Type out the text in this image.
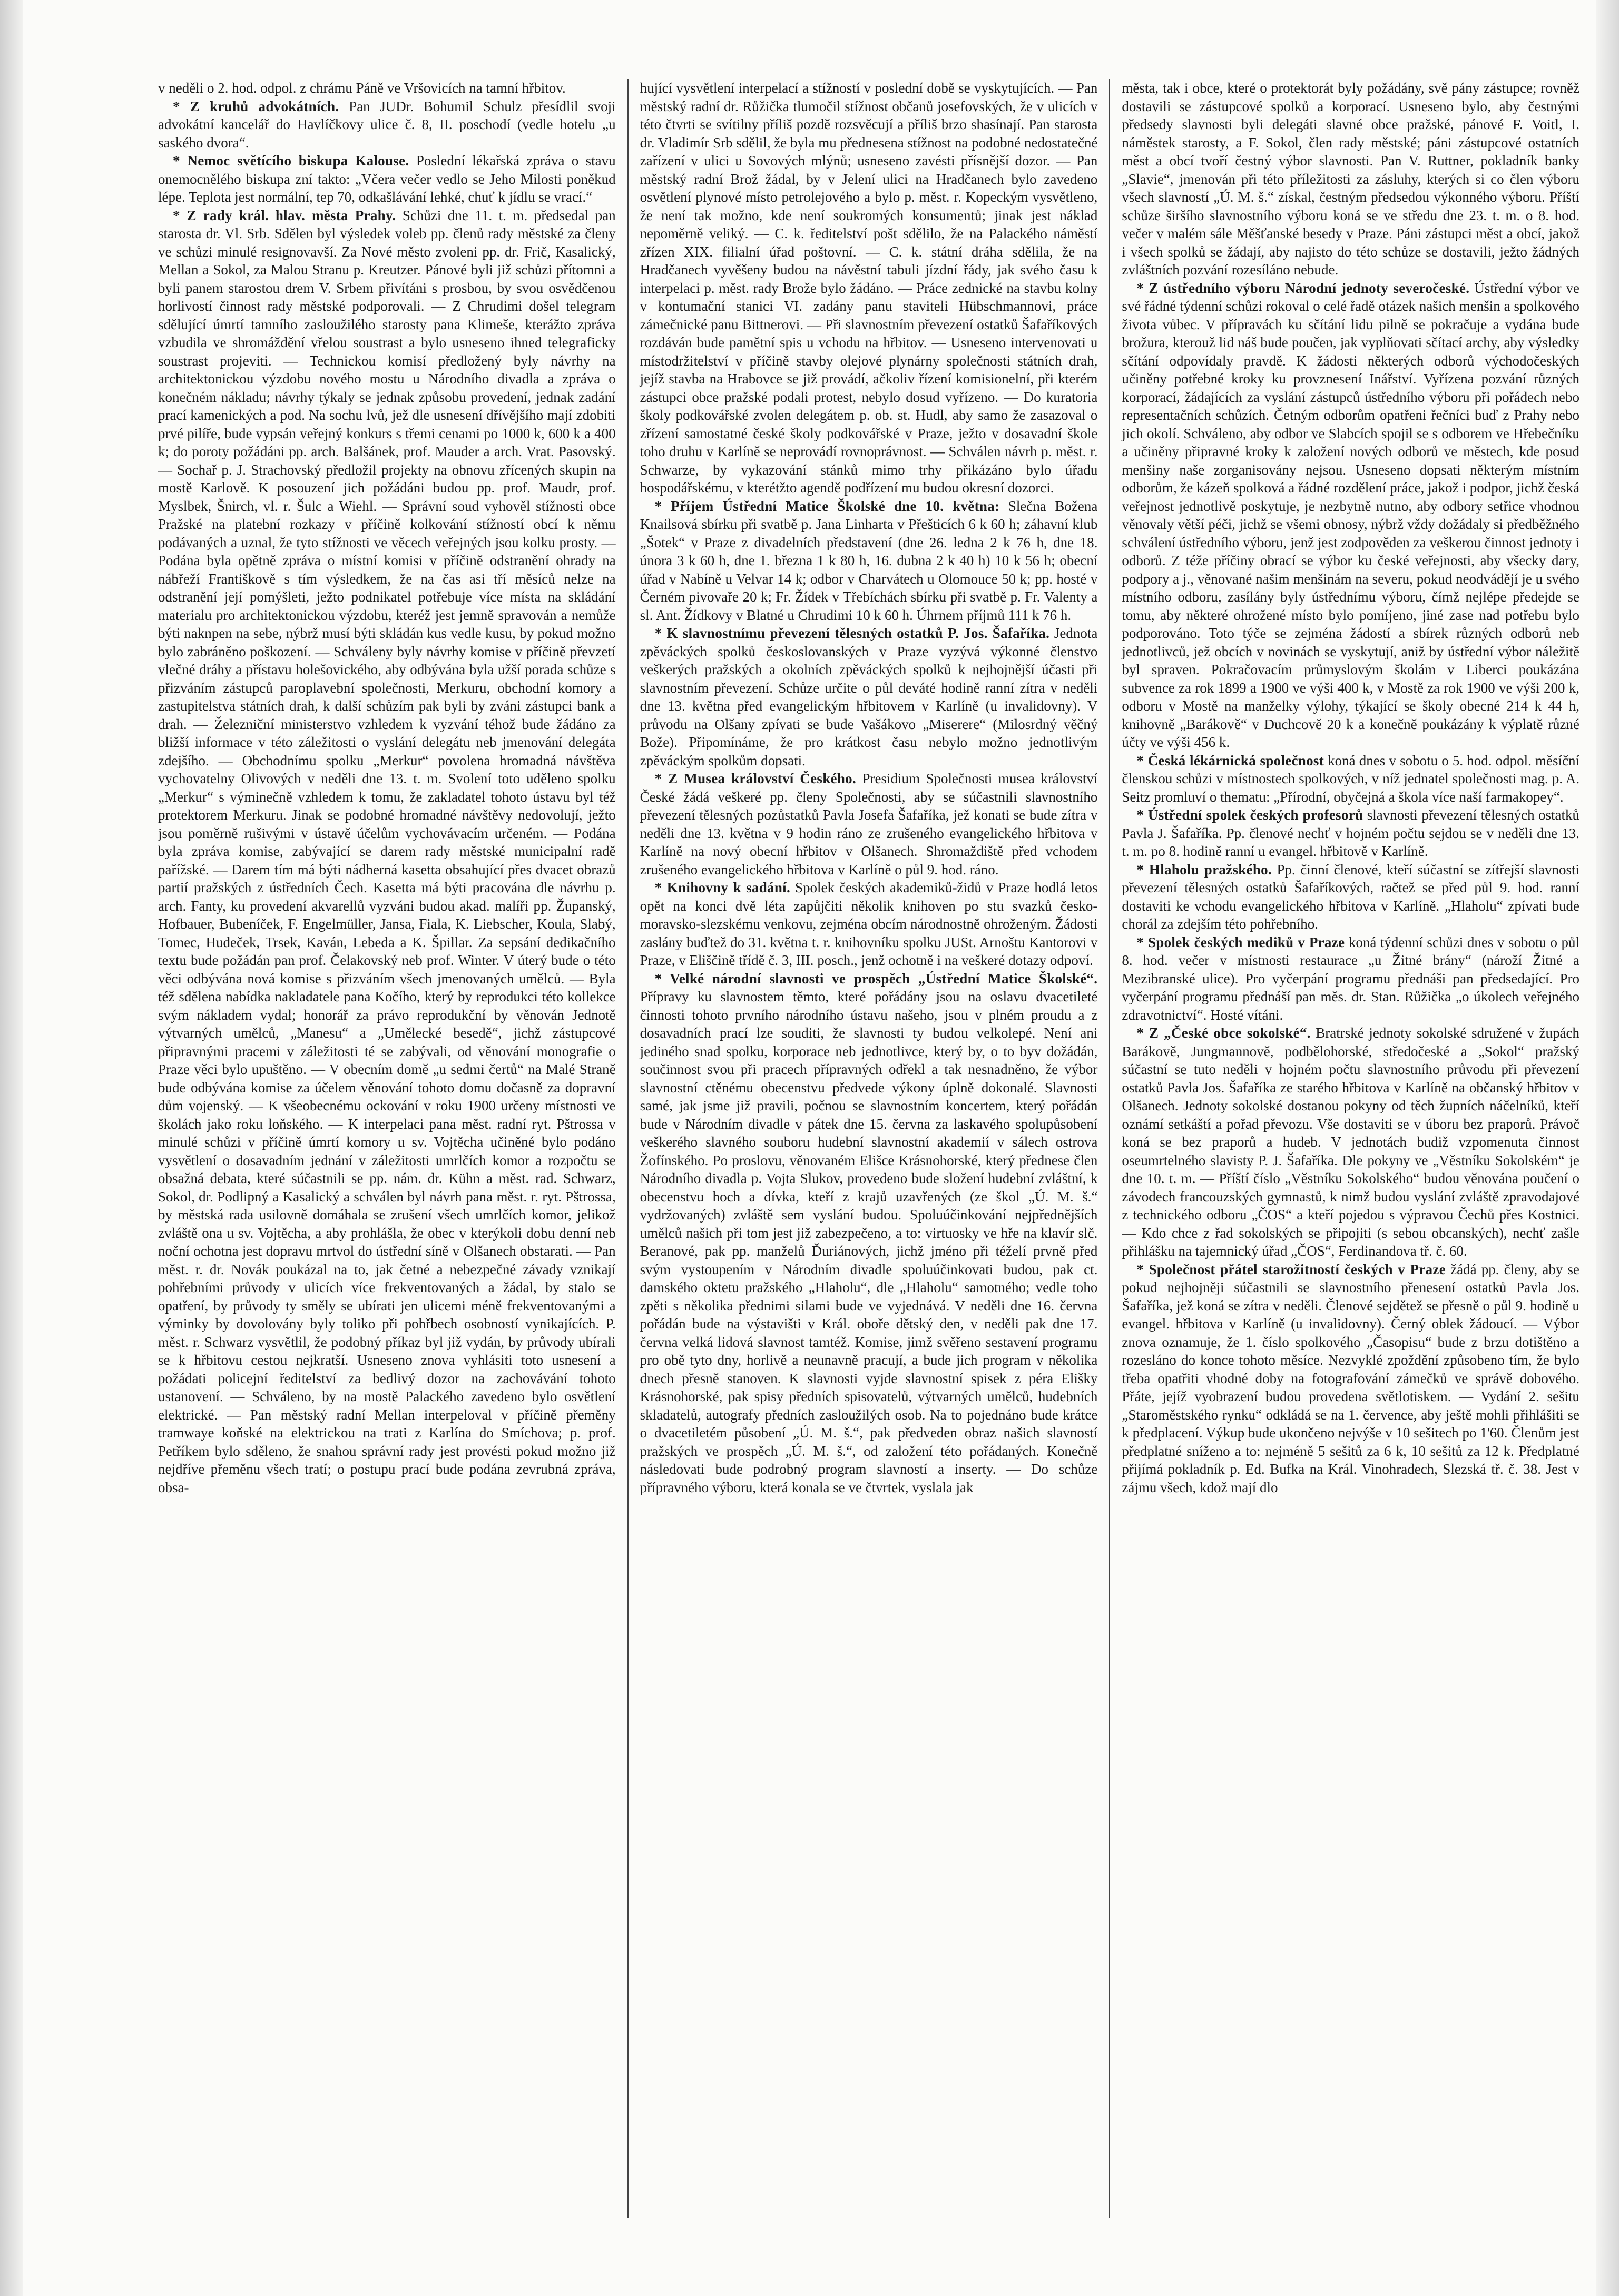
v neděli o 2. hod. odpol. z chrámu Páně ve Vršovicích na tamní hřbitov.

* Z kruhů advokátních. Pan JUDr. Bohumil Schulz přesídlil svoji advokátní kancelář do Havlíčkovy ulice č. 8, II. poschodí (vedle hotelu „u saského dvora“.

* Nemoc světícího biskupa Kalouse. Poslední lékařská zpráva o stavu onemocnělého biskupa zní takto: „Včera večer vedlo se Jeho Milosti poněkud lépe. Teplota jest normální, tep 70, odkašlávání lehké, chuť k jídlu se vrací.“

* Z rady král. hlav. města Prahy. Schůzi dne 11. t. m. předsedal pan starosta dr. Vl. Srb. Sdělen byl výsledek voleb pp. členů rady městské za členy ve schůzi minulé resignovavší. Za Nové město zvoleni pp. dr. Frič, Kasalický, Mellan a Sokol, za Malou Stranu p. Kreutzer. Pánové byli již schůzi přítomni a byli panem starostou drem V. Srbem přivítáni s prosbou, by svou osvědčenou horlivostí činnost rady městské podporovali. — Z Chrudimi došel telegram sdělující úmrtí tamního zasloužilého starosty pana Klimeše, kterážto zpráva vzbudila ve shromáždění vřelou soustrast a bylo usneseno ihned telegraficky soustrast projeviti. — Technickou komisí předložený byly návrhy na architektonickou výzdobu nového mostu u Národního divadla a zpráva o konečném nákladu; návrhy týkaly se jednak způsobu provedení, jednak zadání prací kamenických a pod. Na sochu lvů, jež dle usnesení dřívějšího mají zdobiti prvé pilíře, bude vypsán veřejný konkurs s třemi cenami po 1000 k, 600 k a 400 k; do poroty požádáni pp. arch. Balšánek, prof. Mauder a arch. Vrat. Pasovský. — Sochař p. J. Strachovský předložil projekty na obnovu zřícených skupin na mostě Karlově. K posouzení jich požádáni budou pp. prof. Maudr, prof. Myslbek, Šnirch, vl. r. Šulc a Wiehl. — Správní soud vyhověl stížnosti obce Pražské na platební rozkazy v příčině kolkování stížností obcí k němu podávaných a uznal, že tyto stížnosti ve věcech veřejných jsou kolku prosty. — Podána byla opětně zpráva o místní komisi v příčině odstranění ohrady na nábřeží Františkově s tím výsledkem, že na čas asi tří měsíců nelze na odstranění její pomýšleti, ježto podnikatel potřebuje více místa na skládání materialu pro architektonickou výzdobu, kteréž jest jemně spravován a nemůže býti naknpen na sebe, nýbrž musí býti skládán kus vedle kusu, by pokud možno bylo zabráněno poškození. — Schváleny byly návrhy komise v příčině převzetí vlečné dráhy a přístavu holešovického, aby odbývána byla užší porada schůze s přizváním zástupců paroplavební společnosti, Merkuru, obchodní komory a zastupitelstva státních drah, k další schůzím pak byli by zváni zástupci bank a drah. — Železniční ministerstvo vzhledem k vyzvání téhož bude žádáno za bližší informace v této záležitosti o vyslání delegátu neb jmenování delegáta zdejšího. — Obchodnímu spolku „Merkur“ povolena hromadná návštěva vychovatelny Olivových v neděli dne 13. t. m. Svolení toto uděleno spolku „Merkur“ s výminečně vzhledem k tomu, že zakladatel tohoto ústavu byl též protektorem Merkuru. Jinak se podobné hromadné návštěvy nedovolují, ježto jsou poměrně rušivými v ústavě účelům vychovávacím určeném. — Podána byla zpráva komise, zabývající se darem rady městské municipalní radě pařížské. — Darem tím má býti nádherná kasetta obsahující přes dvacet obrazů partií pražských z ústředních Čech. Kasetta má býti pracována dle návrhu p. arch. Fanty, ku provedení akvarellů vyzváni budou akad. malíři pp. Županský, Hofbauer, Bubeníček, F. Engelmüller, Jansa, Fiala, K. Liebscher, Koula, Slabý, Tomec, Hudeček, Trsek, Kaván, Lebeda a K. Špillar. Za sepsání dedikačního textu bude požádán pan prof. Čelakovský neb prof. Winter. V úterý bude o této věci odbývána nová komise s přizváním všech jmenovaných umělců. — Byla též sdělena nabídka nakladatele pana Kočího, který by reprodukci této kollekce svým nákladem vydal; honorář za právo reprodukční by věnován Jednotě výtvarných umělců, „Manesu“ a „Umělecké besedě“, jichž zástupcové připravnými pracemi v záležitosti té se zabývali, od věnování monografie o Praze věci bylo upuštěno. — V obecním domě „u sedmi čertů“ na Malé Straně bude odbývána komise za účelem věnování tohoto domu dočasně za dopravní dům vojenský. — K všeobecnému ockování v roku 1900 určeny místnosti ve školách jako roku loňského. — K interpelaci pana měst. radní ryt. Pštrossa v minulé schůzi v příčině úmrtí komory u sv. Vojtěcha učiněné bylo podáno vysvětlení o dosavadním jednání v záležitosti umrlčích komor a rozpočtu se obsažná debata, které súčastnili se pp. nám. dr. Kühn a měst. rad. Schwarz, Sokol, dr. Podlipný a Kasalický a schválen byl návrh pana měst. r. ryt. Pštrossa, by městská rada usilovně domáhala se zrušení všech umrlčích komor, jelikož zvláště ona u sv. Vojtěcha, a aby prohlášla, že obec v kterýkoli dobu denní neb noční ochotna jest dopravu mrtvol do ústřední síně v Olšanech obstarati. — Pan měst. r. dr. Novák poukázal na to, jak četné a nebezpečné závady vznikají pohřebními průvody v ulicích více frekventovaných a žádal, by stalo se opatření, by průvody ty směly se ubírati jen ulicemi méně frekventovanými a výminky by dovolovány byly toliko při pohřbech osobností vynikajících. P. měst. r. Schwarz vysvětlil, že podobný příkaz byl již vydán, by průvody ubírali se k hřbitovu cestou nejkratší. Usneseno znova vyhlásiti toto usnesení a požádati policejní ředitelství za bedlivý dozor na zachovávání tohoto ustanovení. — Schváleno, by na mostě Palackého zavedeno bylo osvětlení elektrické. — Pan městský radní Mellan interpeloval v příčině přeměny tramwaye koňské na elektrickou na trati z Karlína do Smíchova; p. prof. Petříkem bylo sděleno, že snahou správní rady jest provésti pokud možno již nejdříve přeměnu všech tratí; o postupu prací bude podána zevrubná zpráva, obsa-

hující vysvětlení interpelací a stížností v poslední době se vyskytujících. — Pan městský radní dr. Růžička tlumočil stížnost občanů josefovských, že v ulicích v této čtvrti se svítilny příliš pozdě rozsvěcují a příliš brzo shasínají. Pan starosta dr. Vladimír Srb sdělil, že byla mu přednesena stížnost na podobné nedostatečné zařízení v ulici u Sovových mlýnů; usneseno zavésti přísnější dozor. — Pan městský radní Brož žádal, by v Jelení ulici na Hradčanech bylo zavedeno osvětlení plynové místo petrolejového a bylo p. měst. r. Kopeckým vysvětleno, že není tak možno, kde není soukromých konsumentů; jinak jest náklad nepoměrně veliký. — C. k. ředitelství pošt sdělilo, že na Palackého náměstí zřízen XIX. filialní úřad poštovní. — C. k. státní dráha sdělila, že na Hradčanech vyvěšeny budou na návěstní tabuli jízdní řády, jak svého času k interpelaci p. měst. rady Brože bylo žádáno. — Práce zednické na stavbu kolny v kontumační stanici VI. zadány panu staviteli Hübschmannovi, práce zámečnické panu Bittnerovi. — Při slavnostním převezení ostatků Šafaříkových rozdáván bude pamětní spis u vchodu na hřbitov. — Usneseno intervenovati u místodržitelství v příčině stavby olejové plynárny společnosti státních drah, jejíž stavba na Hrabovce se již provádí, ačkoliv řízení komisionelní, při kterém zástupci obce pražské podali protest, nebylo dosud vyřízeno. — Do kuratoria školy podkovářské zvolen delegátem p. ob. st. Hudl, aby samo že zasazoval o zřízení samostatné české školy podkovářské v Praze, ježto v dosavadní škole toho druhu v Karlíně se neprovádí rovnoprávnost. — Schválen návrh p. měst. r. Schwarze, by vykazování stánků mimo trhy přikázáno bylo úřadu hospodářskému, v kterétžto agendě podřízení mu budou okresní dozorci.

* Příjem Ústřední Matice Školské dne 10. května: Slečna Božena Knailsová sbírku při svatbě p. Jana Linharta v Přešticích 6 k 60 h; záhavní klub „Šotek“ v Praze z divadelních představení (dne 26. ledna 2 k 76 h, dne 18. února 3 k 60 h, dne 1. března 1 k 80 h, 16. dubna 2 k 40 h) 10 k 56 h; obecní úřad v Nabíně u Velvar 14 k; odbor v Charvátech u Olomouce 50 k; pp. hosté v Černém pivovaře 20 k; Fr. Žídek v Třebíchách sbírku při svatbě p. Fr. Valenty a sl. Ant. Žídkovy v Blatné u Chrudimi 10 k 60 h. Úhrnem příjmů 111 k 76 h.

* K slavnostnímu převezení tělesných ostatků P. Jos. Šafaříka. Jednota zpěváckých spolků českoslovanských v Praze vyzývá výkonné členstvo veškerých pražských a okolních zpěváckých spolků k nejhojnější účasti při slavnostním převezení. Schůze určite o půl deváté hodině ranní zítra v neděli dne 13. května před evangelickým hřbitovem v Karlíně (u invalidovny). V průvodu na Olšany zpívati se bude Vašákovo „Miserere“ (Milosrdný věčný Bože). Připomínáme, že pro krátkost času nebylo možno jednotlivým zpěváckým spolkům dopsati.

* Z Musea království Českého. Presidium Společnosti musea království České žádá veškeré pp. členy Společnosti, aby se súčastnili slavnostního převezení tělesných pozůstatků Pavla Josefa Šafaříka, jež konati se bude zítra v neděli dne 13. května v 9 hodin ráno ze zrušeného evangelického hřbitova v Karlíně na nový obecní hřbitov v Olšanech. Shromaždiště před vchodem zrušeného evangelického hřbitova v Karlíně o půl 9. hod. ráno.

* Knihovny k sadání. Spolek českých akademiků-židů v Praze hodlá letos opět na konci dvě léta zapůjčiti několik knihoven po stu svazků česko-moravsko-slezskému venkovu, zejména obcím národnostně ohroženým. Žádosti zaslány buďtež do 31. května t. r. knihovníku spolku JUSt. Arnoštu Kantorovi v Praze, v Eliščině třídě č. 3, III. posch., jenž ochotně i na veškeré dotazy odpoví.

* Velké národní slavnosti ve prospěch „Ústřední Matice Školské“. Přípravy ku slavnostem těmto, které pořádány jsou na oslavu dvacetileté činnosti tohoto prvního národního ústavu našeho, jsou v plném proudu a z dosavadních prací lze souditi, že slavnosti ty budou velkolepé. Není ani jediného snad spolku, korporace neb jednotlivce, který by, o to byv dožádán, součinnost svou při pracech přípravných odřekl a tak nesnadněno, že výbor slavnostní ctěnému obecenstvu předvede výkony úplně dokonalé. Slavnosti samé, jak jsme již pravili, počnou se slavnostním koncertem, který pořádán bude v Národním divadle v pátek dne 15. června za laskavého spolupůsobení veškerého slavného souboru hudební slavnostní akademií v sálech ostrova Žofínského. Po proslovu, věnovaném Elišce Krásnohorské, který přednese člen Národního divadla p. Vojta Slukov, provedeno bude složení hudební zvláštní, k obecenstvu hoch a dívka, kteří z krajů uzavřených (ze škol „Ú. M. š.“ vydržovaných) zvláště sem vyslání budou. Spoluúčinkování nejpřednějších umělců našich při tom jest již zabezpečeno, a to: virtuosky ve hře na klavír slč. Beranové, pak pp. manželů Ďuriánových, jichž jméno při téželí prvně před svým vystoupením v Národním divadle spoluúčinkovati budou, pak ct. damského oktetu pražského „Hlaholu“, dle „Hlaholu“ samotného; vedle toho zpěti s několika přednimi silami bude ve vyjednává. V neděli dne 16. června pořádán bude na výstavišti v Král. oboře dětský den, v neděli pak dne 17. června velká lidová slavnost tamtéž. Komise, jimž svěřeno sestavení programu pro obě tyto dny, horlivě a neunavně pracují, a bude jich program v několika dnech přesně stanoven. K slavnosti vyjde slavnostní spisek z péra Elišky Krásnohorské, pak spisy předních spisovatelů, výtvarných umělců, hudebních skladatelů, autografy předních zasloužilých osob. Na to pojednáno bude krátce o dvacetiletém působení „Ú. M. š.“, pak předveden obraz našich slavností pražských ve prospěch „Ú. M. š.“, od založení této pořádaných. Konečně následovati bude podrobný program slavností a inserty. — Do schůze přípravného výboru, která konala se ve čtvrtek, vyslala jak

města, tak i obce, které o protektorát byly požádány, svě pány zástupce; rovněž dostavili se zástupcové spolků a korporací. Usneseno bylo, aby čestnými předsedy slavnosti byli delegáti slavné obce pražské, pánové F. Voitl, I. náměstek starosty, a F. Sokol, člen rady městské; páni zástupcové ostatních měst a obcí tvoří čestný výbor slavnosti. Pan V. Ruttner, pokladník banky „Slavie“, jmenován při této příležitosti za zásluhy, kterých si co člen výboru všech slavností „Ú. M. š.“ získal, čestným předsedou výkonného výboru. Příští schůze širšího slavnostního výboru koná se ve středu dne 23. t. m. o 8. hod. večer v malém sále Měšťanské besedy v Praze. Páni zástupci měst a obcí, jakož i všech spolků se žádají, aby najisto do této schůze se dostavili, ježto žádných zvláštních pozvání rozesíláno nebude.

* Z ústředního výboru Národní jednoty severočeské. Ústřední výbor ve své řádné týdenní schůzi rokoval o celé řadě otázek našich menšin a spolkového života vůbec. V přípravách ku sčítání lidu pilně se pokračuje a vydána bude brožura, kterouž lid náš bude poučen, jak vyplňovati sčítací archy, aby výsledky sčítání odpovídaly pravdě. K žádosti některých odborů východočeských učiněny potřebné kroky ku provznesení Inářství. Vyřízena pozvání různých korporací, žádajících za vyslání zástupců ústředního výboru při pořádech nebo representačních schůzích. Četným odborům opatřeni řečníci buď z Prahy nebo jich okolí. Schváleno, aby odbor ve Slabcích spojil se s odborem ve Hřebečníku a učiněny připravné kroky k založení nových odborů ve městech, kde posud menšiny naše zorganisovány nejsou. Usneseno dopsati některým místním odborům, že kázeň spolková a řádné rozdělení práce, jakož i podpor, jichž česká veřejnost jednotlivě poskytuje, je nezbytně nutno, aby odbory setřice vhodnou věnovaly větší péči, jichž se všemi obnosy, nýbrž vždy dožádaly si předběžného schválení ústředního výboru, jenž jest zodpověden za veškerou činnost jednoty i odborů. Z téže příčiny obrací se výbor ku české veřejnosti, aby všecky dary, podpory a j., věnované našim menšinám na severu, pokud neodvádějí je u svého místního odboru, zasílány byly ústřednímu výboru, čímž nejlépe předejde se tomu, aby některé ohrožené místo bylo pomíjeno, jiné zase nad potřebu bylo podporováno. Toto týče se zejména žádostí a sbírek různých odborů neb jednotlivců, jež obcích v novinách se vyskytují, aniž by ústřední výbor náležitě byl spraven. Pokračovacím průmyslovým školám v Liberci poukázána subvence za rok 1899 a 1900 ve výši 400 k, v Mostě za rok 1900 ve výši 200 k, odboru v Mostě na manželky výlohy, týkající se školy obecné 214 k 44 h, knihovně „Barákově“ v Duchcově 20 k a konečně poukázány k výplatě různé účty ve výši 456 k.

* Česká lékárnická společnost koná dnes v sobotu o 5. hod. odpol. měsíční členskou schůzi v místnostech spolkových, v níž jednatel společnosti mag. p. A. Seitz promluví o thematu: „Přírodní, obyčejná a škola více naší farmakopey“.

* Ústřední spolek českých profesorů slavnosti převezení tělesných ostatků Pavla J. Šafaříka. Pp. členové nechť v hojném počtu sejdou se v neděli dne 13. t. m. po 8. hodině ranní u evangel. hřbitově v Karlíně.

* Hlaholu pražského. Pp. činní členové, kteří súčastní se zítřejší slavnosti převezení tělesných ostatků Šafaříkových, račtež se před půl 9. hod. ranní dostaviti ke vchodu evangelického hřbitova v Karlíně. „Hlaholu“ zpívati bude chorál za zdejším této pohřebního.

* Spolek českých mediků v Praze koná týdenní schůzi dnes v sobotu o půl 8. hod. večer v místnosti restaurace „u Žitné brány“ (nároží Žitné a Mezibranské ulice). Pro vyčerpání programu přednáši pan předsedající. Pro vyčerpání programu přednáší pan měs. dr. Stan. Růžička „o úkolech veřejného zdravotnictví“. Hosté vítáni.

* Z „České obce sokolské“. Bratrské jednoty sokolské sdružené v župách Barákově, Jungmannově, podbělohorské, středočeské a „Sokol“ pražský súčastní se tuto neděli v hojném počtu slavnostního průvodu při převezení ostatků Pavla Jos. Šafaříka ze starého hřbitova v Karlíně na občanský hřbitov v Olšanech. Jednoty sokolské dostanou pokyny od těch župních náčelníků, kteří oznámí setkáští a pořad převozu. Vše dostaviti se v úboru bez praporů. Právoč koná se bez praporů a hudeb. V jednotách budiž vzpomenuta činnost oseumrtelného slavisty P. J. Šafaříka. Dle pokyny ve „Věstníku Sokolském“ je dne 10. t. m. — Příští číslo „Věstníku Sokolského“ budou věnována poučení o závodech francouzských gymnastů, k nimž budou vyslání zvláště zpravodajové z technického odboru „ČOS“ a kteří pojedou s výpravou Čechů přes Kostnici. — Kdo chce z řad sokolských se připojiti (s sebou obcanských), nechť zašle přihlášku na tajemnický úřad „ČOS“, Ferdinandova tř. č. 60.

* Společnost přátel starožitností českých v Praze žádá pp. členy, aby se pokud nejhojněji súčastnili se slavnostního přenesení ostatků Pavla Jos. Šafaříka, jež koná se zítra v neděli. Členové sejdětež se přesně o půl 9. hodině u evangel. hřbitova v Karlíně (u invalidovny). Černý oblek žádoucí. — Výbor znova oznamuje, že 1. číslo spolkového „Časopisu“ bude z brzu dotištěno a rozesláno do konce tohoto měsíce. Nezvyklé zpoždění způsobeno tím, že bylo třeba opatřiti vhodné doby na fotografování zámečků ve správě dobového. Přáte, jejíž vyobrazení budou provedena světlotiskem. — Vydání 2. sešitu „Staroměstského rynku“ odkládá se na 1. července, aby ještě mohli přihlášiti se k předplacení. Výkup bude ukončeno nejvýše v 10 sešitech po 1'60. Členům jest předplatné sníženo a to: nejméně 5 sešitů za 6 k, 10 sešitů za 12 k. Předplatné přijímá pokladník p. Ed. Bufka na Král. Vinohradech, Slezská tř. č. 38. Jest v zájmu všech, kdož mají dlo
